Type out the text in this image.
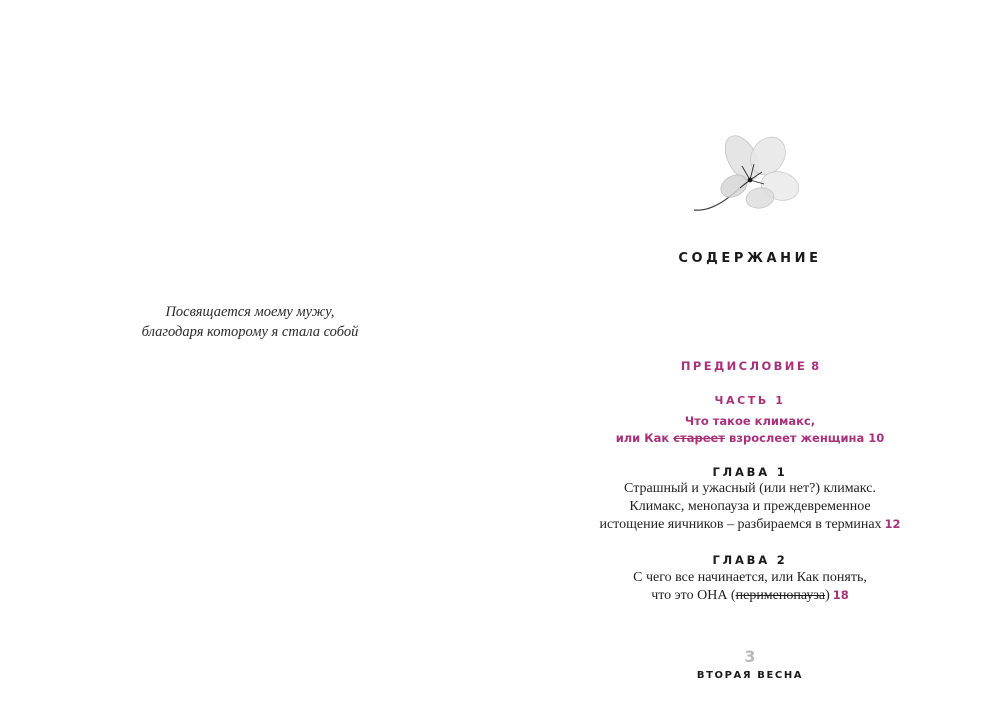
Посвящается моему мужу,
благодаря которому я стала собой
СОДЕРЖАНИЕ
ПРЕДИСЛОВИЕ 8
ЧАСТЬ 1
Что такое климакс,
или Как стареет взрослеет женщина 10
ГЛАВА 1
Страшный и ужасный (или нет?) климакс.
Климакс, менопауза и преждевременное
истощение яичников – разбираемся в терминах 12
ГЛАВА 2
С чего все начинается, или Как понять,
что это ОНА (перименопауза) 18
3
ВТОРАЯ ВЕСНА
